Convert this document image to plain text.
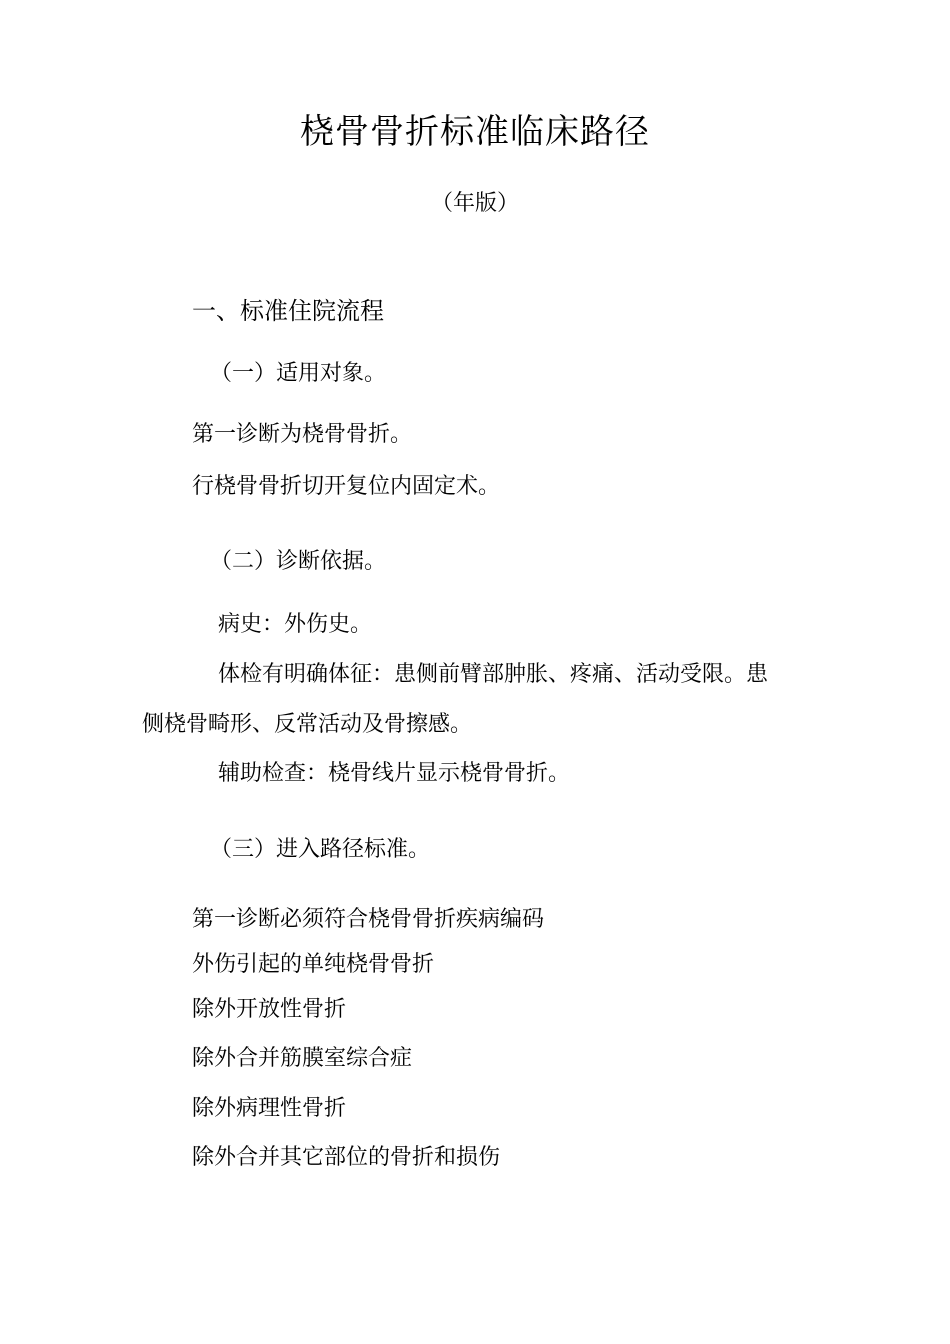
桡骨骨折标准临床路径
（年版）
一、标准住院流程
（一）适用对象。
第一诊断为桡骨骨折。
行桡骨骨折切开复位内固定术。
（二）诊断依据。
病史：外伤史。
体检有明确体征：患侧前臂部肿胀、疼痛、活动受限。患
侧桡骨畸形、反常活动及骨擦感。
辅助检查：桡骨线片显示桡骨骨折。
（三）进入路径标准。
第一诊断必须符合桡骨骨折疾病编码
外伤引起的单纯桡骨骨折
除外开放性骨折
除外合并筋膜室综合症
除外病理性骨折
除外合并其它部位的骨折和损伤
